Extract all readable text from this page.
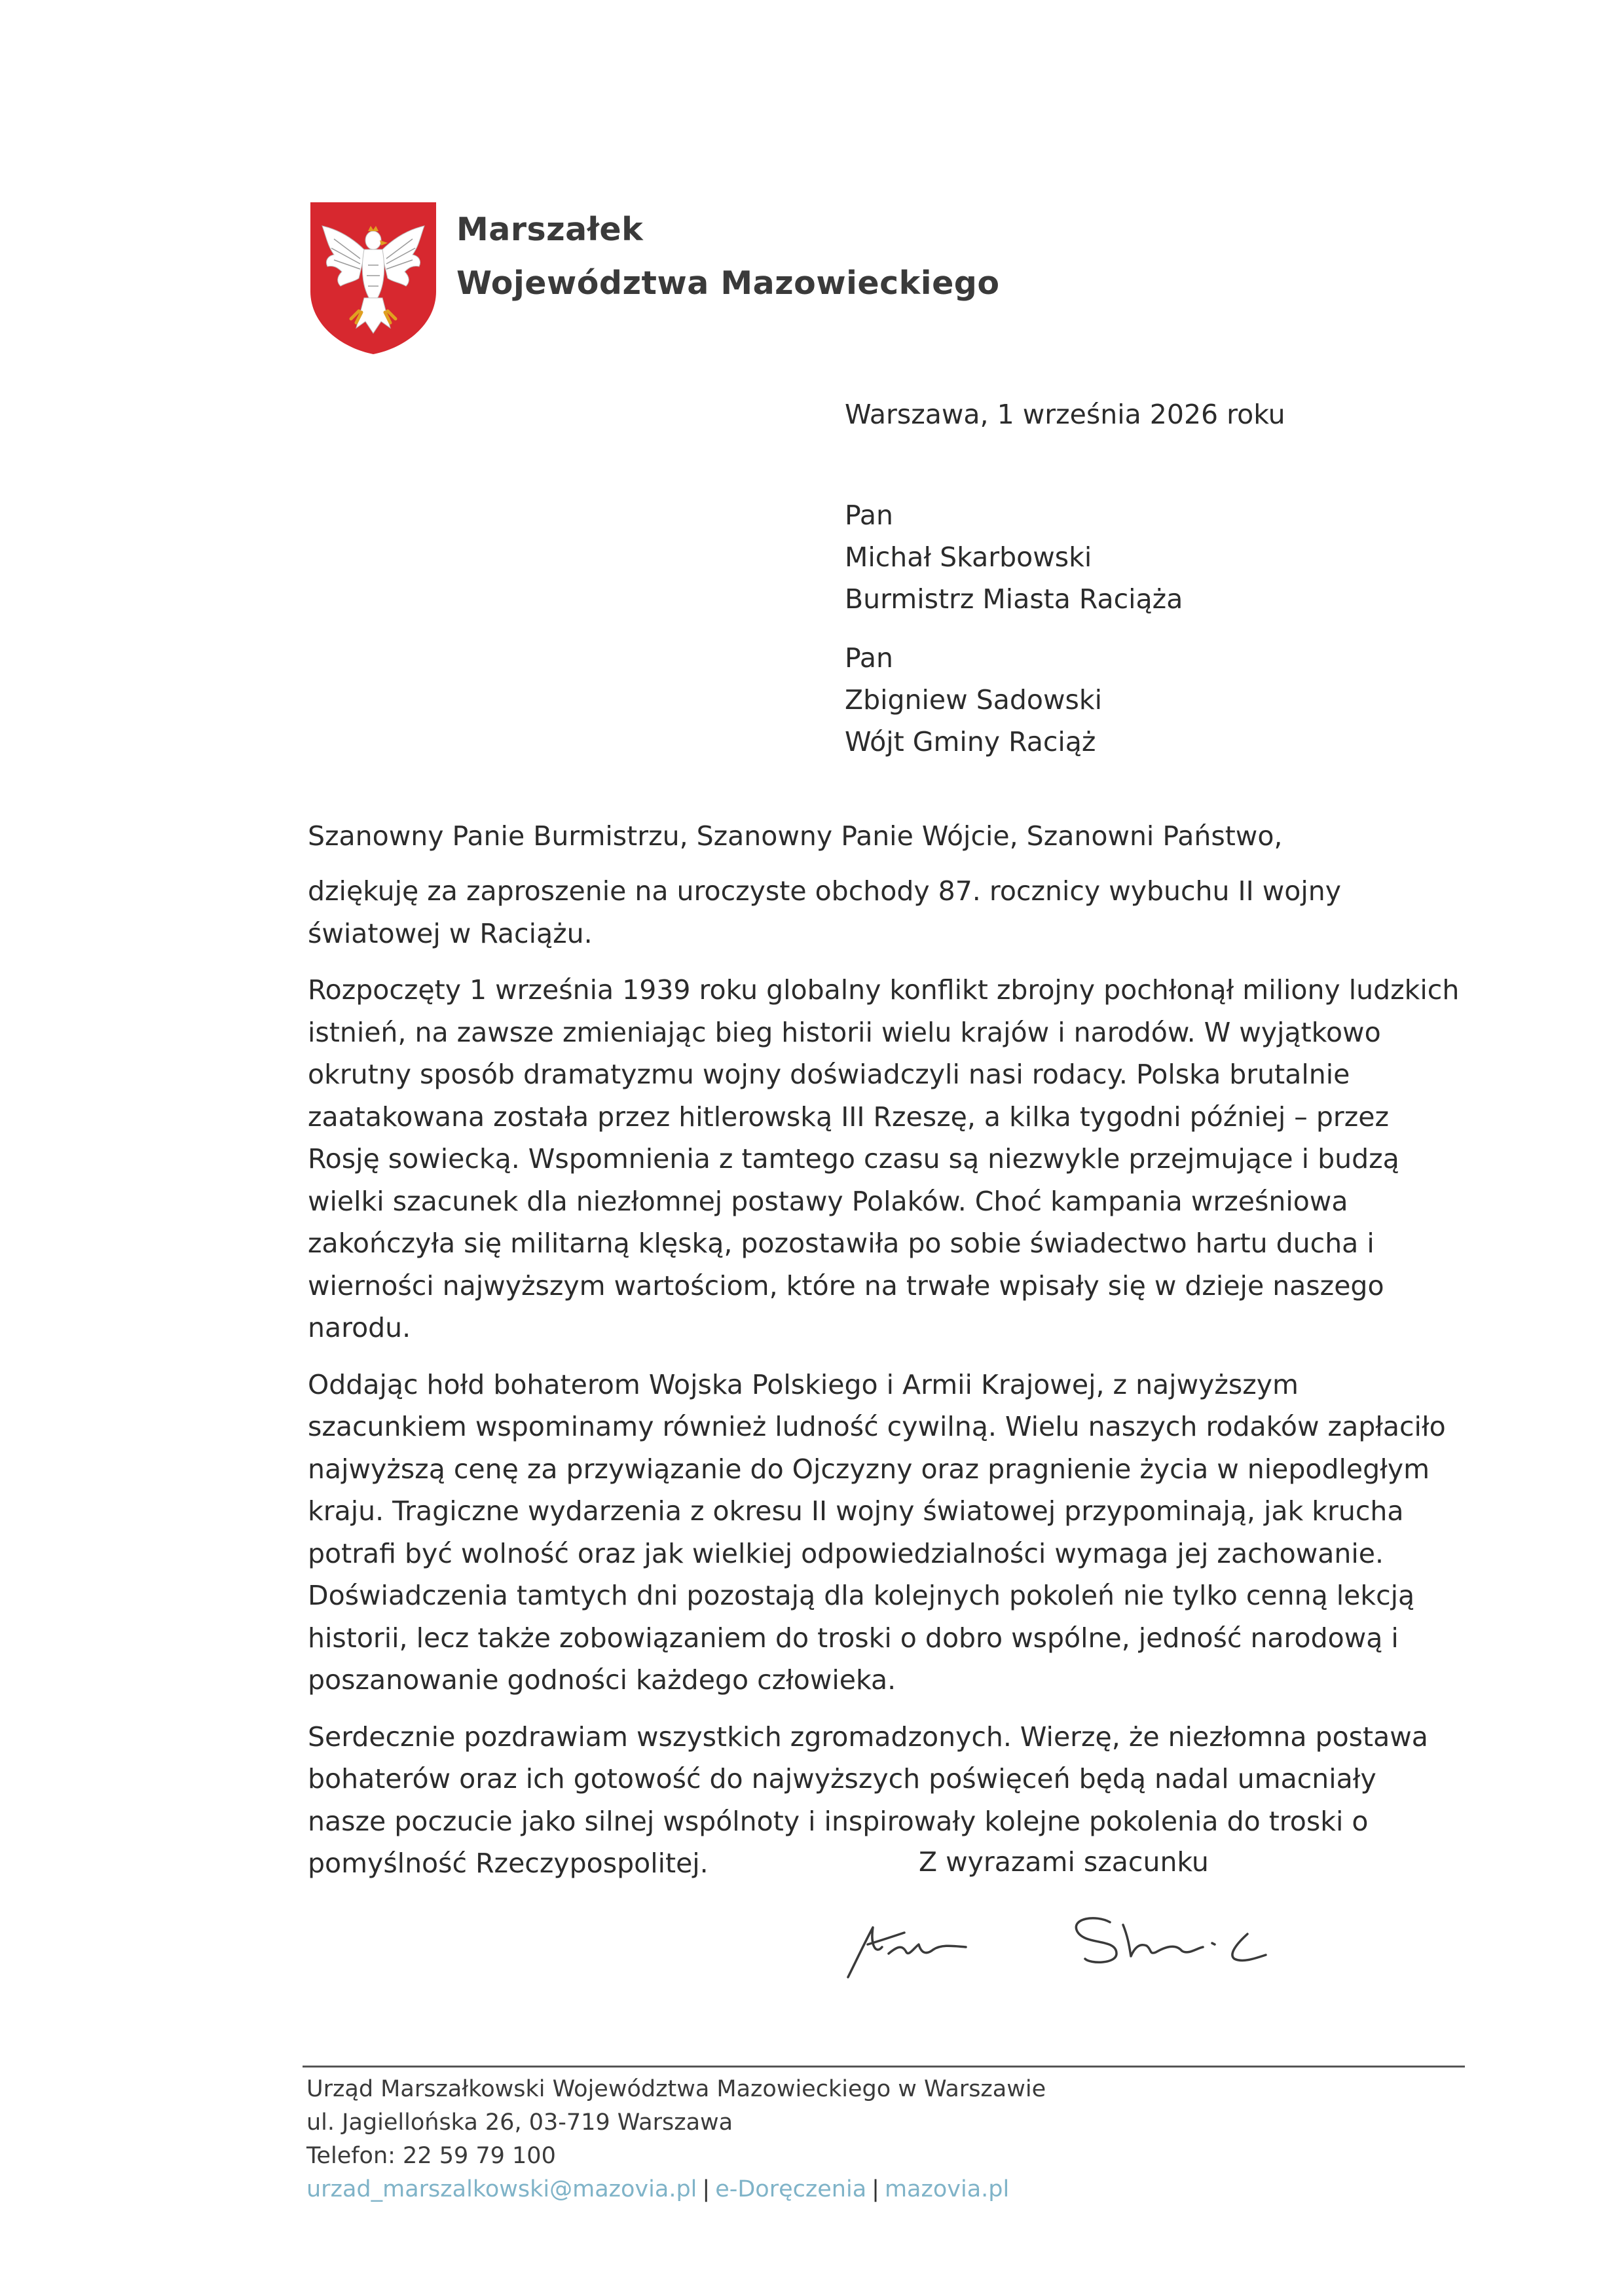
Marszałek
Województwa Mazowieckiego
Warszawa, 1 września 2026 roku
Pan
Michał Skarbowski
Burmistrz Miasta Raciąża
Pan
Zbigniew Sadowski
Wójt Gminy Raciąż
Szanowny Panie Burmistrzu, Szanowny Panie Wójcie, Szanowni Państwo,

dziękuję za zaproszenie na uroczyste obchody 87. rocznicy wybuchu II wojny światowej w Raciążu.

Rozpoczęty 1 września 1939 roku globalny konflikt zbrojny pochłonął miliony ludzkich istnień, na zawsze zmieniając bieg historii wielu krajów i narodów. W wyjątkowo okrutny sposób dramatyzmu wojny doświadczyli nasi rodacy. Polska brutalnie zaatakowana została przez hitlerowską III Rzeszę, a kilka tygodni później – przez Rosję sowiecką. Wspomnienia z tamtego czasu są niezwykle przejmujące i budzą wielki szacunek dla niezłomnej postawy Polaków. Choć kampania wrześniowa zakończyła się militarną klęską, pozostawiła po sobie świadectwo hartu ducha i wierności najwyższym wartościom, które na trwałe wpisały się w dzieje naszego narodu.

Oddając hołd bohaterom Wojska Polskiego i Armii Krajowej, z najwyższym szacunkiem wspominamy również ludność cywilną. Wielu naszych rodaków zapłaciło najwyższą cenę za przywiązanie do Ojczyzny oraz pragnienie życia w niepodległym kraju. Tragiczne wydarzenia z okresu II wojny światowej przypominają, jak krucha potrafi być wolność oraz jak wielkiej odpowiedzialności wymaga jej zachowanie. Doświadczenia tamtych dni pozostają dla kolejnych pokoleń nie tylko cenną lekcją historii, lecz także zobowiązaniem do troski o dobro wspólne, jedność narodową i poszanowanie godności każdego człowieka.

Serdecznie pozdrawiam wszystkich zgromadzonych. Wierzę, że niezłomna postawa bohaterów oraz ich gotowość do najwyższych poświęceń będą nadal umacniały nasze poczucie jako silnej wspólnoty i inspirowały kolejne pokolenia do troski o pomyślność Rzeczypospolitej.	Z wyrazami szacunku
Urząd Marszałkowski Województwa Mazowieckiego w Warszawie
ul. Jagiellońska 26, 03-719 Warszawa
Telefon: 22 59 79 100
urzad_marszalkowski@mazovia.pl | e-Doręczenia | mazovia.pl
